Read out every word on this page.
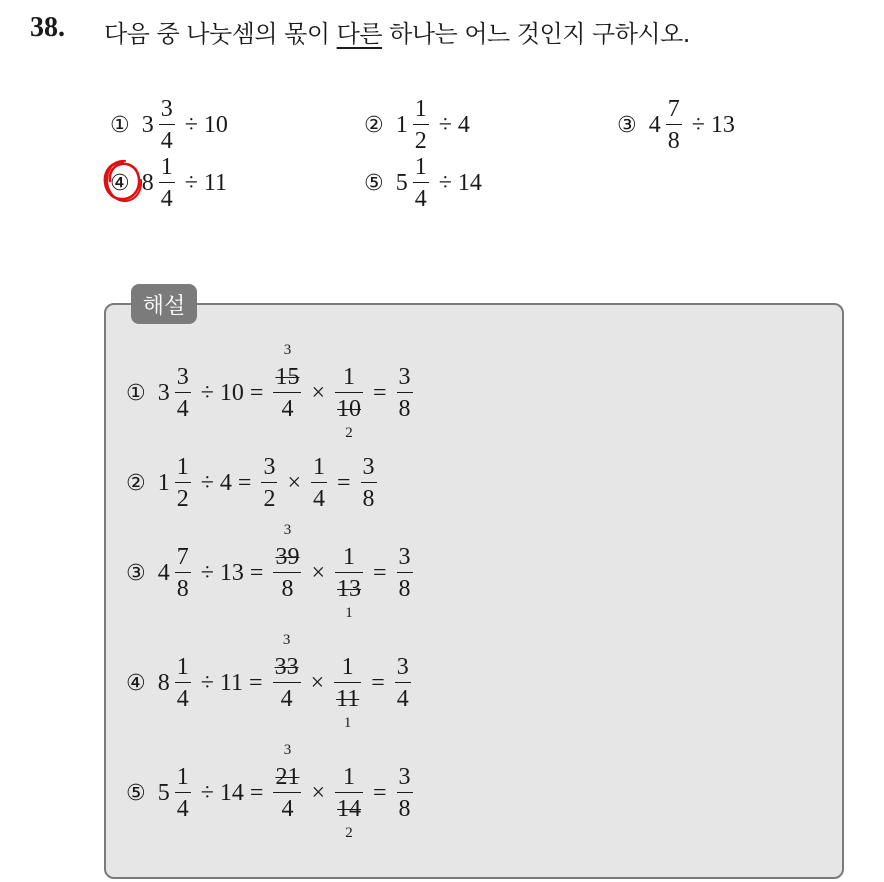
38. 다음 중 나눗셈의 몫이 다른 하나는 어느 것인지 구하시오.
① $3 \frac{3}{4} \div 10$	② $1 \frac{1}{2} \div 4$	③ $4 \frac{7}{8} \div 13$
④ $8 \frac{1}{4} \div 11$	⑤ $5 \frac{1}{4} \div 14$
해설
① $3 \frac{3}{4} \div 10 = 15$
3
4 × 1
10
$2 = \frac{3}{8}$
② $1 \frac{1}{2} \div 4 = \frac{3}{2} \times \frac{1}{4} = \frac{3}{8}$
③ $4 \frac{7}{8} \div 13 = 39$
3
8 × 1
13
$1 = \frac{3}{8}$
④ $8 \frac{1}{4} \div 11 = 33$
3
4 × 1
11
$1 = \frac{3}{4}$
⑤ $5 \frac{1}{4} \div 14 = 21$
3
4 × 1
14
$2 = \frac{3}{8}$
